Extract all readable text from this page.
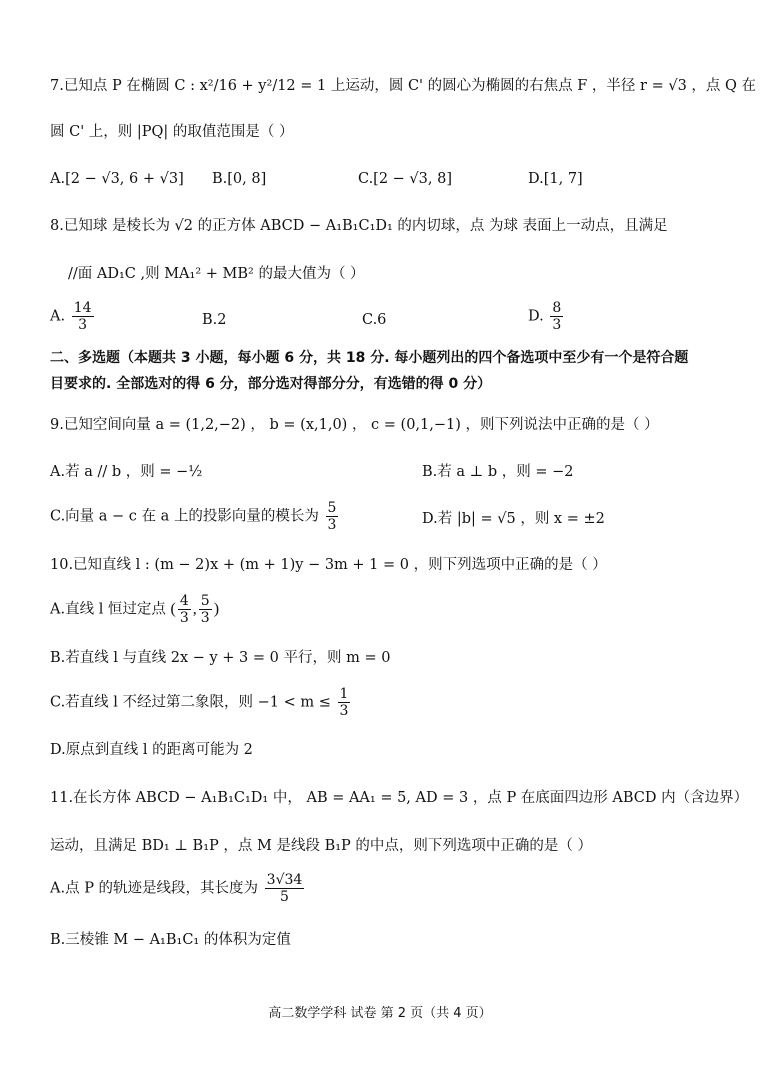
7.已知点 P 在椭圆 C : x²/16 + y²/12 = 1 上运动，圆 C' 的圆心为椭圆的右焦点 F ，半径 r = √3 ，点 Q 在
圆 C' 上，则 |PQ| 的取值范围是（ ）
A.[2 − √3, 6 + √3] B.[0, 8]	C.[2 − √3, 8]	D.[1, 7]
8.已知球 是棱长为 √2 的正方体 ABCD − A₁B₁C₁D₁ 的内切球，点 为球 表面上一动点，且满足
//面 AD₁C ,则 MA₁² + MB² 的最大值为（ ）
A. $\frac{14}{3}$	B.2	C.6	D. $\frac{8}{3}$
二、多选题（本题共 3 小题，每小题 6 分，共 18 分. 每小题列出的四个备选项中至少有一个是符合题
目要求的. 全部选对的得 6 分，部分选对得部分分，有选错的得 0 分）
9.已知空间向量 a = (1,2,−2) ， b = (x,1,0) ， c = (0,1,−1) ，则下列说法中正确的是（ ）
A.若 a // b ，则 = −½	B.若 a ⊥ b ，则 = −2
C.向量 a − c 在 a 上的投影向量的模长为 $\frac{5}{3}$	D.若 |b| = √5 ，则 x = ±2
10.已知直线 l : (m − 2)x + (m + 1)y − 3m + 1 = 0 ，则下列选项中正确的是（ ）
A.直线 l 恒过定点 ( $\frac{4}{3}$ , $\frac{5}{3}$ )
B.若直线 l 与直线 2x − y + 3 = 0 平行，则 m = 0
C.若直线 l 不经过第二象限，则 $-1 < m \le \frac{1}{3}$
D.原点到直线 l 的距离可能为 2
11.在长方体 ABCD − A₁B₁C₁D₁ 中， AB = AA₁ = 5, AD = 3 ，点 P 在底面四边形 ABCD 内（含边界）
运动，且满足 BD₁ ⊥ B₁P ，点 M 是线段 B₁P 的中点，则下列选项中正确的是（ ）
A.点 P 的轨迹是线段，其长度为 $\frac{3√34}{5}$
B.三棱锥 M − A₁B₁C₁ 的体积为定值
高二数学学科 试卷 第 2 页（共 4 页）
